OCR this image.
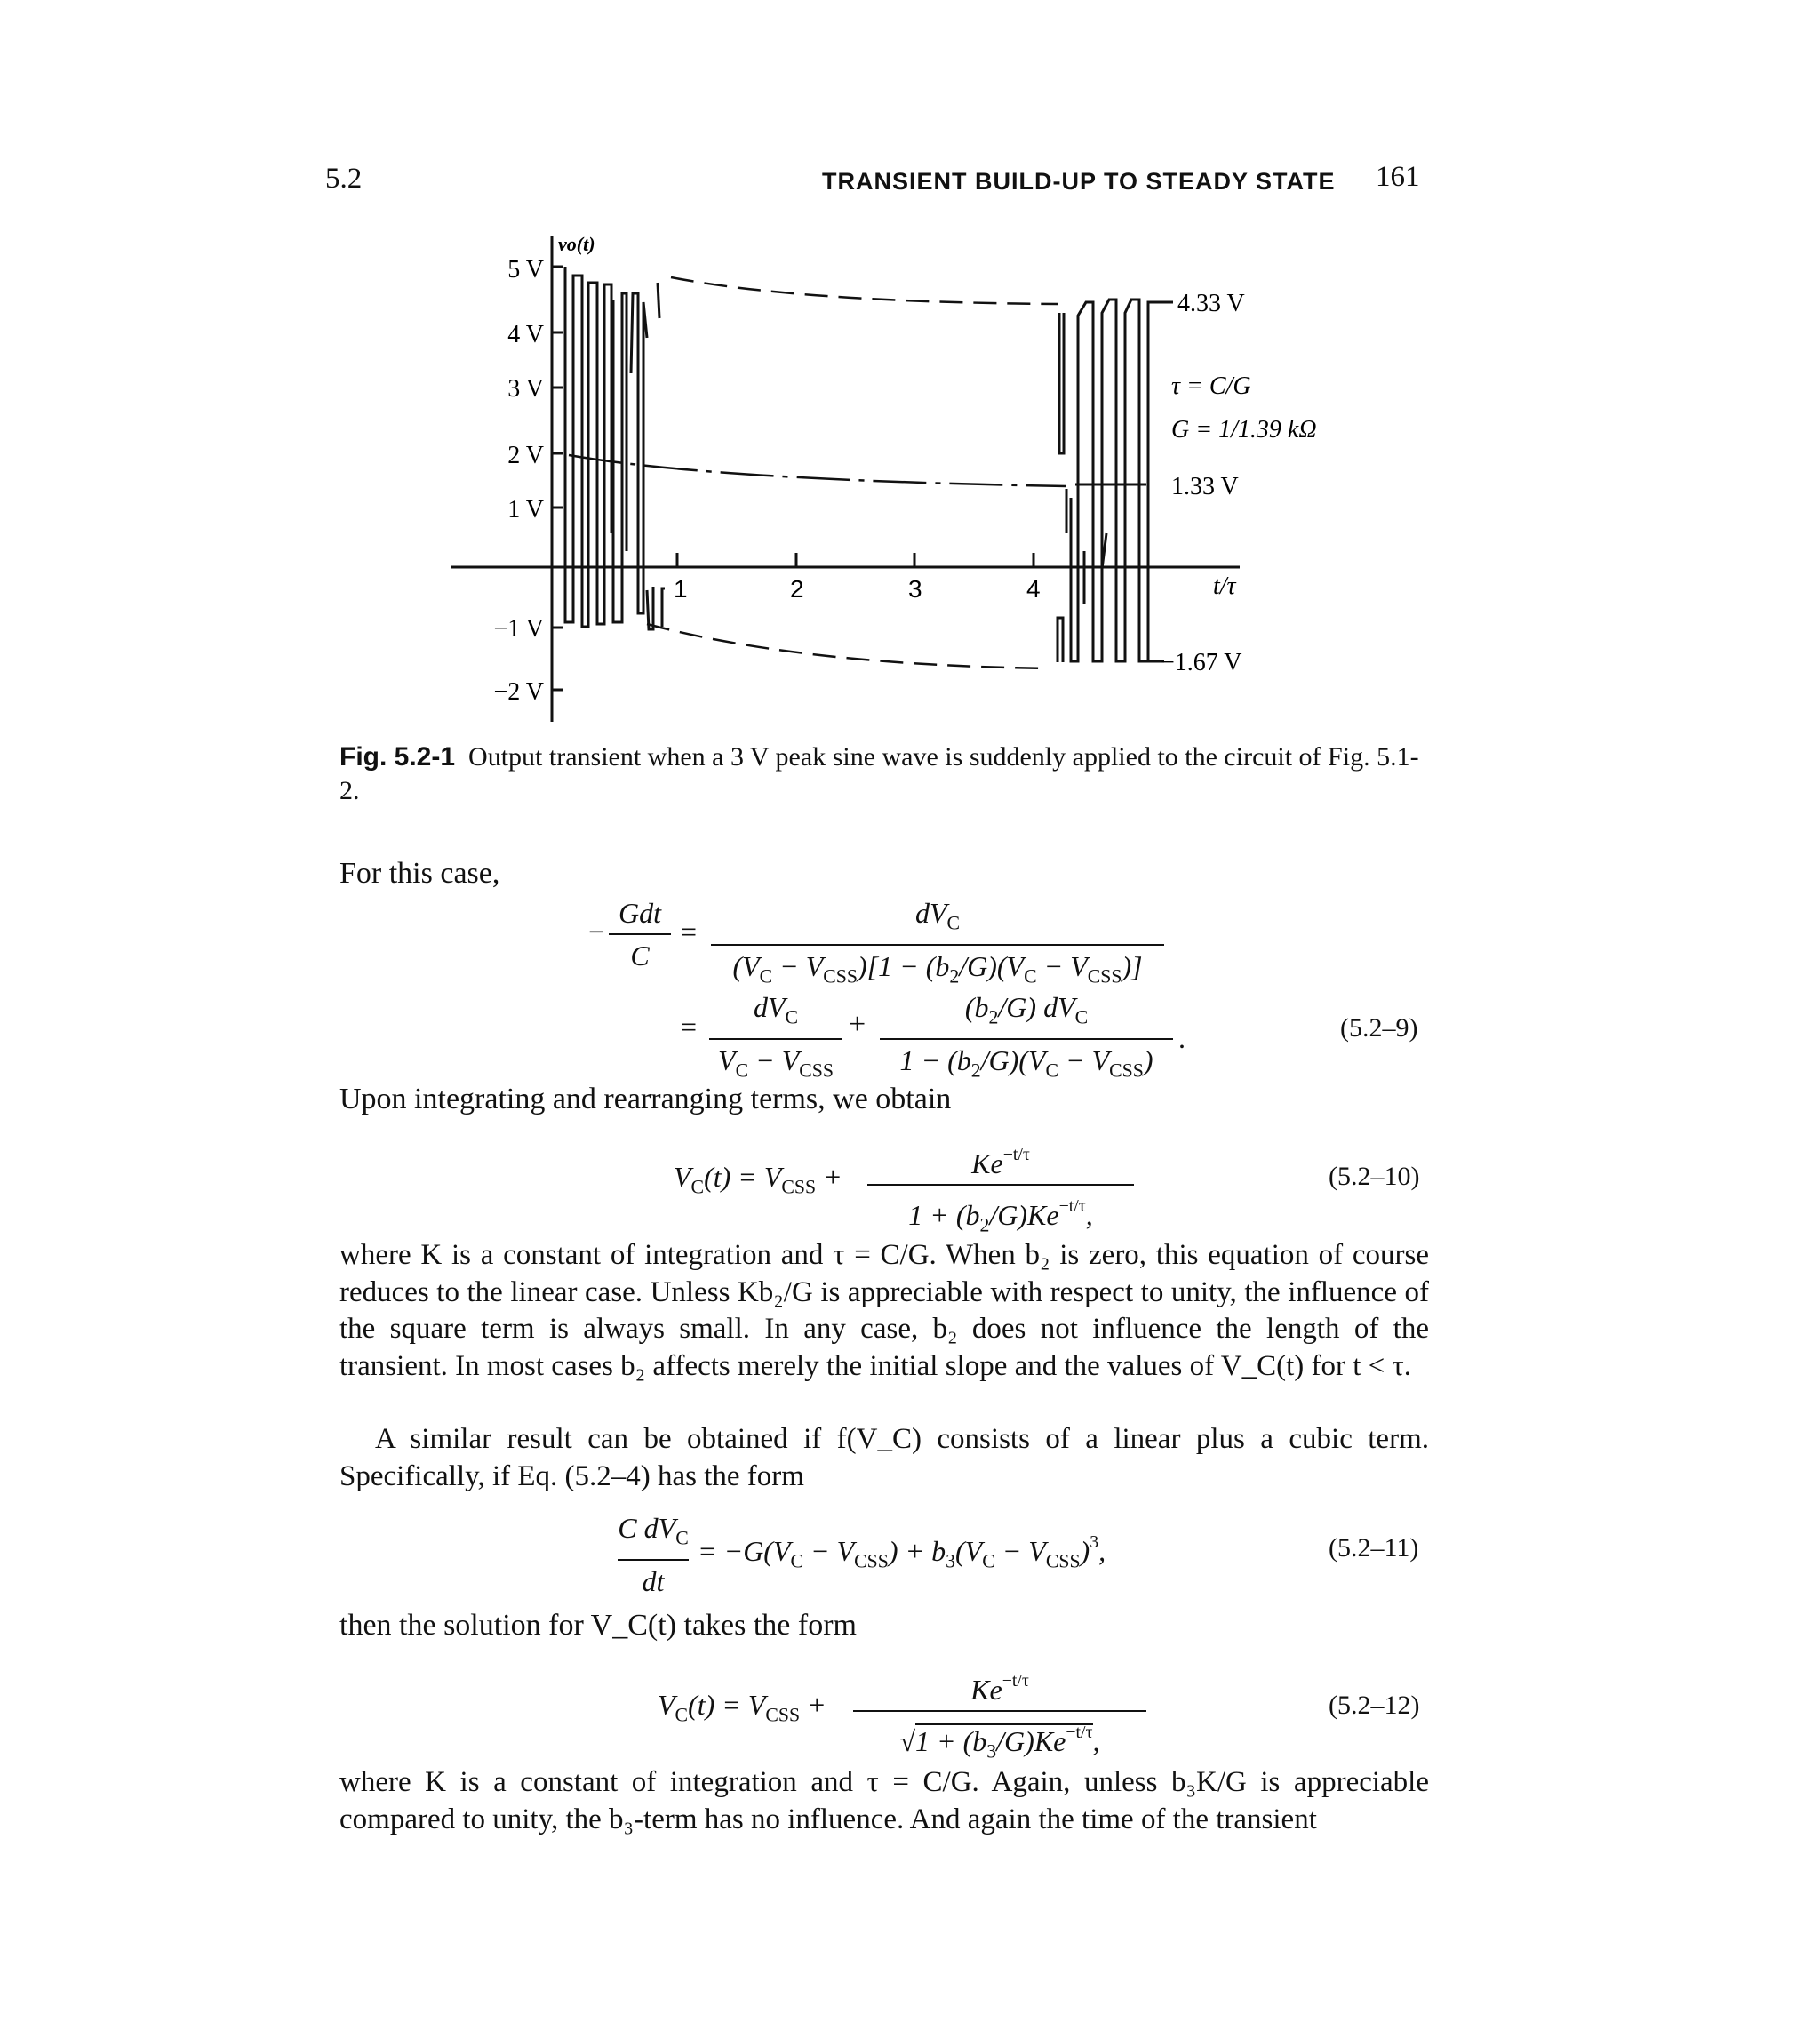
5.2	TRANSIENT BUILD-UP TO STEADY STATE 161
5 V
4 V
3 V
2 V
1 V
−1 V
−2 V
vo(t)
1	2	3	4	t/τ
4.33 V
τ = C/G
G = 1/1.39 kΩ
1.33 V
−1.67 V
Fig. 5.2-1 Output transient when a 3 V peak sine wave is suddenly applied to the circuit of Fig. 5.1-2.
For this case,
−
Gdt
C
=
$dV_C$
$(V_C - V_{CSS})[1 - (b_2/G)(V_C - V_{CSS})]$
=
$dV_C$
$V_C - V_{CSS}$
+
$(b_2/G)$ $dV_C$
$1 - (b_2/G)(V_C - V_{CSS})$
.	(5.2–9)
Upon integrating and rearranging terms, we obtain
$V_C(t) = V_{CSS}$ +	$Ke^{-t/\tau}$
$1 + (b_2/G)Ke^{-t/\tau}$,
(5.2–10)
where K is a constant of integration and τ = C/G. When b₂ is zero, this equation of course reduces to the linear case. Unless Kb₂/G is appreciable with respect to unity, the influence of the square term is always small. In any case, b₂ does not influence the length of the transient. In most cases b₂ affects merely the initial slope and the values of V_C(t) for t < τ.
A similar result can be obtained if f(V_C) consists of a linear plus a cubic term. Specifically, if Eq. (5.2–4) has the form
C $dV_C$
dt
= $-G(V_C - V_{CSS}) + b_3(V_C - V_{CSS})^3$,	(5.2–11)
then the solution for V_C(t) takes the form
$V_C(t) = V_{CSS}$ +	$Ke^{-t/\tau}$
$√1 + (b_3/G)Ke^{-t/\tau}$,
(5.2–12)
where K is a constant of integration and τ = C/G. Again, unless b₃K/G is appreciable compared to unity, the b₃-term has no influence. And again the time of the transient
